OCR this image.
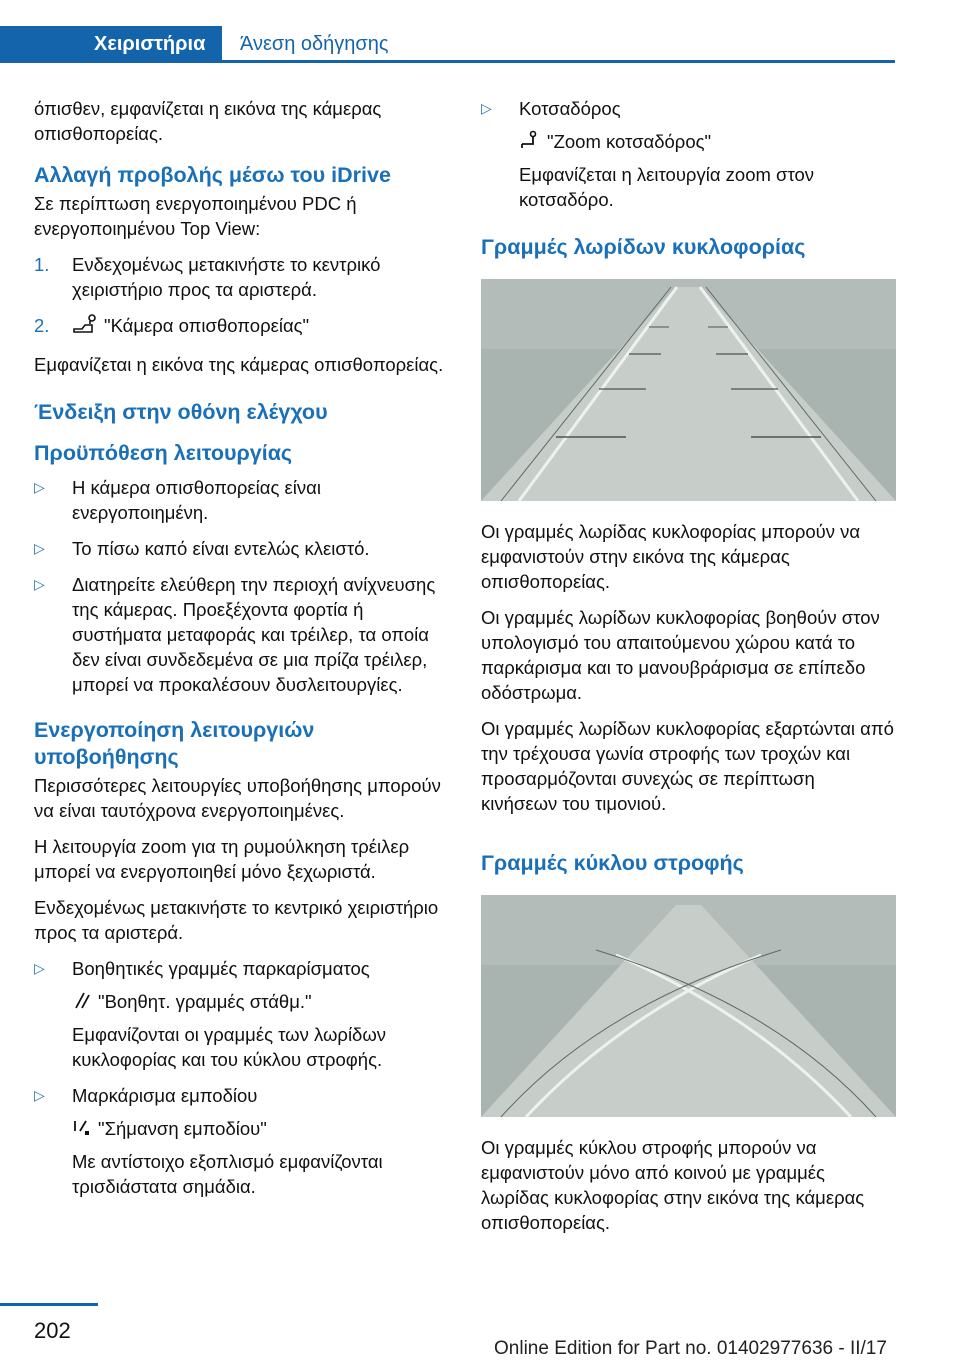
Χειριστήρια Άνεση οδήγησης

όπισθεν, εμφανίζεται η εικόνα της κάμερας οπισθοπορείας.

Αλλαγή προβολής μέσω του iDrive

Σε περίπτωση ενεργοποιημένου PDC ή ενεργοποιημένου Top View:

1. Ενδεχομένως μετακινήστε το κεντρικό χειριστήριο προς τα αριστερά.
2.	"Κάμερα οπισθοπορείας"

Εμφανίζεται η εικόνα της κάμερας οπισθοπορείας.

Ένδειξη στην οθόνη ελέγχου
Προϋπόθεση λειτουργίας
▷ Η κάμερα οπισθοπορείας είναι ενεργοποιημένη.
▷ Το πίσω καπό είναι εντελώς κλειστό.
▷ Διατηρείτε ελεύθερη την περιοχή ανίχνευσης της κάμερας. Προεξέχοντα φορτία ή συστήματα μεταφοράς και τρέιλερ, τα οποία δεν είναι συνδεδεμένα σε μια πρίζα τρέιλερ, μπορεί να προκαλέσουν δυσλειτουργίες.
Ενεργοποίηση λειτουργιών υποβοήθησης

Περισσότερες λειτουργίες υποβοήθησης μπορούν να είναι ταυτόχρονα ενεργοποιημένες.

Η λειτουργία zoom για τη ρυμούλκηση τρέιλερ μπορεί να ενεργοποιηθεί μόνο ξεχωριστά.

Ενδεχομένως μετακινήστε το κεντρικό χειριστήριο προς τα αριστερά.

▷ Βοηθητικές γραμμές παρκαρίσματος
"Βοηθητ. γραμμές στάθμ."
Εμφανίζονται οι γραμμές των λωρίδων κυκλοφορίας και του κύκλου στροφής.
▷ Μαρκάρισμα εμποδίου
"Σήμανση εμποδίου"
Με αντίστοιχο εξοπλισμό εμφανίζονται τρισδιάστατα σημάδια.
▷ Κοτσαδόρος
"Zoom κοτσαδόρος"
Εμφανίζεται η λειτουργία zoom στον κοτσαδόρο.
Γραμμές λωρίδων κυκλοφορίας

Οι γραμμές λωρίδας κυκλοφορίας μπορούν να εμφανιστούν στην εικόνα της κάμερας οπισθοπορείας.

Οι γραμμές λωρίδων κυκλοφορίας βοηθούν στον υπολογισμό του απαιτούμενου χώρου κατά το παρκάρισμα και το μανουβράρισμα σε επίπεδο οδόστρωμα.

Οι γραμμές λωρίδων κυκλοφορίας εξαρτώνται από την τρέχουσα γωνία στροφής των τροχών και προσαρμόζονται συνεχώς σε περίπτωση κινήσεων του τιμονιού.

Γραμμές κύκλου στροφής

Οι γραμμές κύκλου στροφής μπορούν να εμφανιστούν μόνο από κοινού με γραμμές λωρίδας κυκλοφορίας στην εικόνα της κάμερας οπισθοπορείας.

202
Online Edition for Part no. 01402977636 - II/17
